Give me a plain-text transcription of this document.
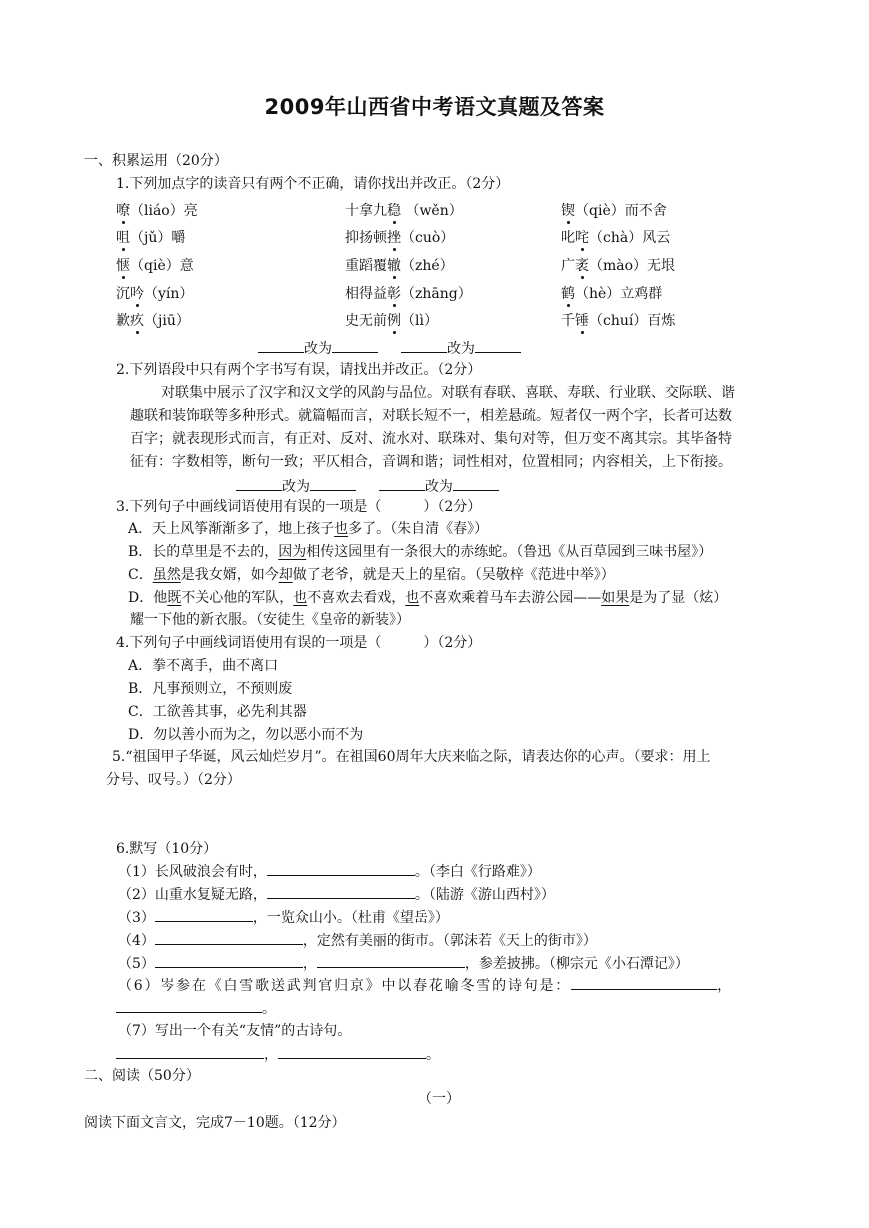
2009年山西省中考语文真题及答案
一、积累运用（20分）
1.下列加点字的读音只有两个不正确，请你找出并改正。（2分）
改为	改为
2.下列语段中只有两个字书写有误，请找出并改正。（2分）
对联集中展示了汉字和汉文学的风韵与品位。对联有春联、喜联、寿联、行业联、交际联、谐
趣联和装饰联等多种形式。就篇幅而言，对联长短不一，相差悬疏。短者仅一两个字，长者可达数
百字；就表现形式而言，有正对、反对、流水对、联珠对、集句对等，但万变不离其宗。其毕备特
征有：字数相等，断句一致；平仄相合，音调和谐；词性相对，位置相同；内容相关，上下衔接。
改为	改为
3.下列句子中画线词语使用有误的一项是（　　　）（2分）
A．天上风筝渐渐多了，地上孩子也多了。（朱自清《春》）
B．长的草里是不去的，因为相传这园里有一条很大的赤练蛇。（鲁迅《从百草园到三味书屋》）
C．虽然是我女婿，如今却做了老爷，就是天上的星宿。（吴敬梓《范进中举》）
D．他既不关心他的军队，也不喜欢去看戏，也不喜欢乘着马车去游公园——如果是为了显（炫）
耀一下他的新衣服。（安徒生《皇帝的新装》）
4.下列句子中画线词语使用有误的一项是（　　　）（2分）
A．拳不离手，曲不离口
B．凡事预则立，不预则废
C．工欲善其事，必先利其器
D．勿以善小而为之，勿以恶小而不为
5.“祖国甲子华诞，风云灿烂岁月”。在祖国60周年大庆来临之际，请表达你的心声。（要求：用上
分号、叹号。）（2分）
6.默写（10分）
（1）长风破浪会有时，	。（李白《行路难》）
（2）山重水复疑无路，	。（陆游《游山西村》）
（3）	，一览众山小。（杜甫《望岳》）
（4）	，定然有美丽的街市。（郭沫若《天上的街市》）
（5）	，	，参差披拂。（柳宗元《小石潭记》）
（6）岑参在《白雪歌送武判官归京》中以春花喻冬雪的诗句是：	，
。
（7）写出一个有关“友情”的古诗句。
，	。
二、阅读（50分）
（一）
阅读下面文言文，完成7－10题。（12分）
嘹（liáo）亮	十拿九稳 （wěn）	锲（qiè）而不舍
咀（jǔ）嚼	抑扬顿挫（cuò）	叱咤（chà）风云
惬（qiè）意	重蹈覆辙（zhé）	广袤（mào）无垠
沉吟（yín）	相得益彰（zhāng）	鹤（hè）立鸡群
歉疚（jiū）	史无前例（lì）	千锤（chuí）百炼
